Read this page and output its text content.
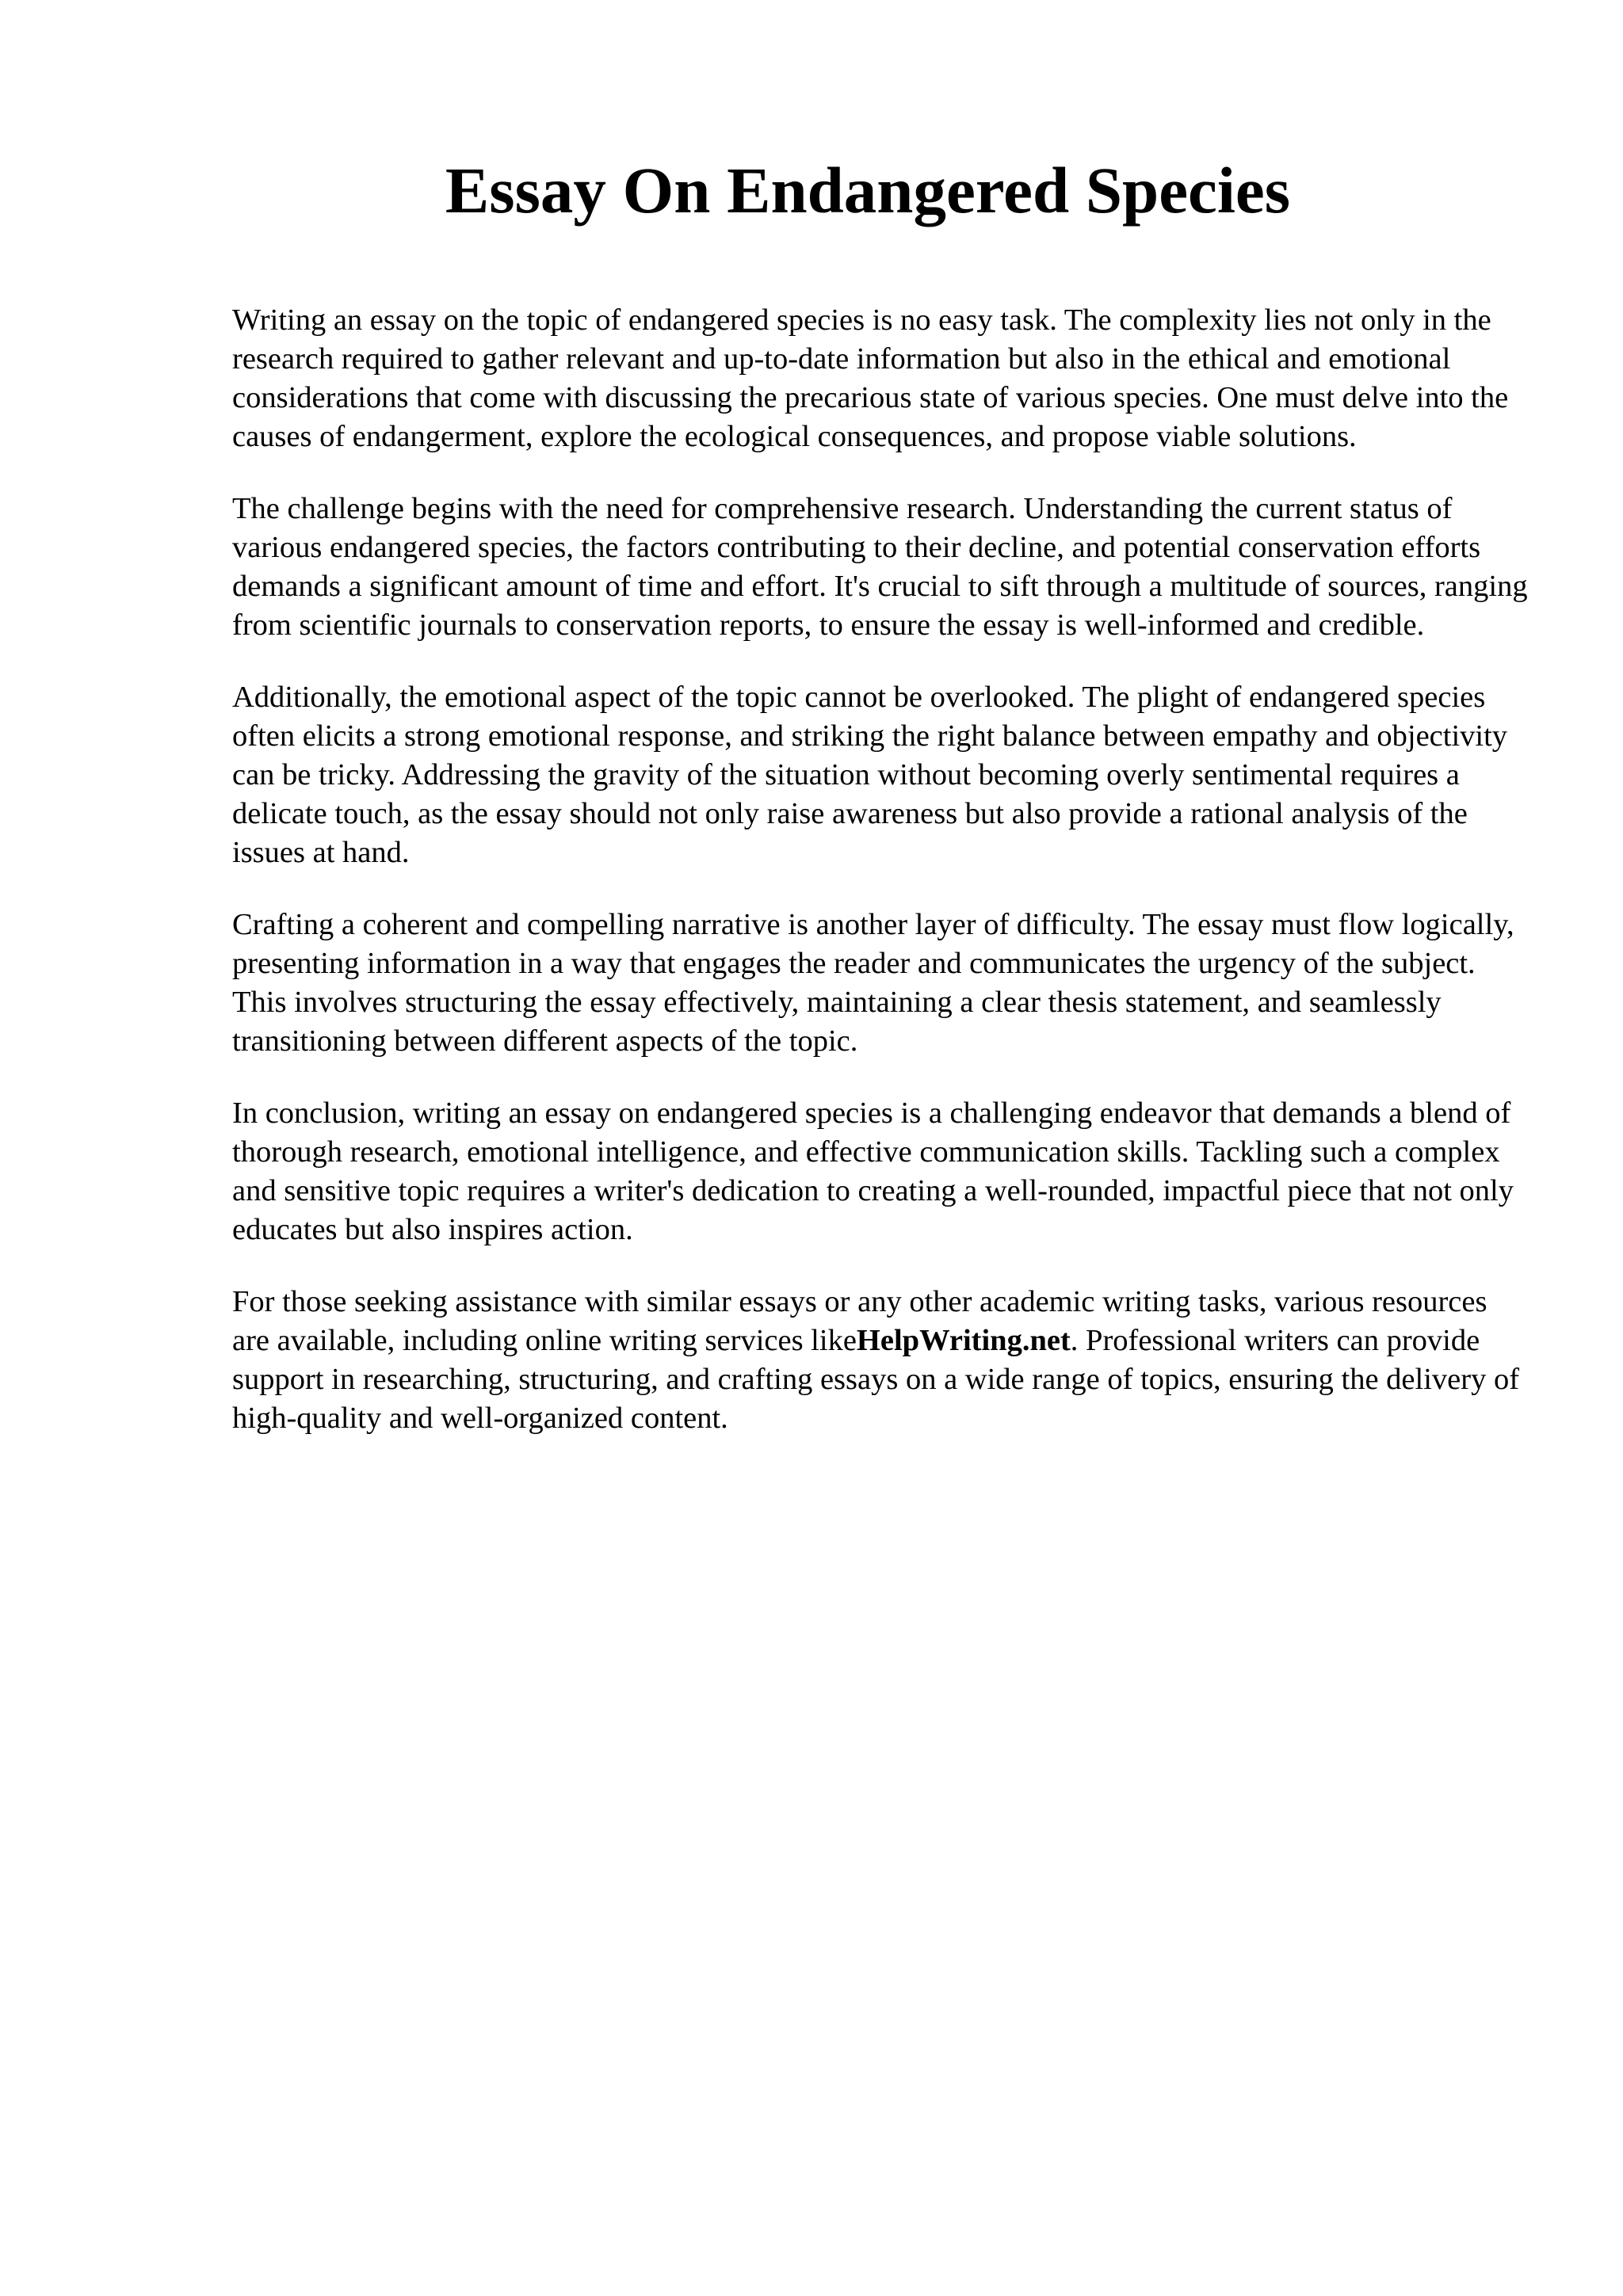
Essay On Endangered Species

Writing an essay on the topic of endangered species is no easy task. The complexity lies not only in the research required to gather relevant and up-to-date information but also in the ethical and emotional considerations that come with discussing the precarious state of various species. One must delve into the causes of endangerment, explore the ecological consequences, and propose viable solutions.

The challenge begins with the need for comprehensive research. Understanding the current status of various endangered species, the factors contributing to their decline, and potential conservation efforts demands a significant amount of time and effort. It's crucial to sift through a multitude of sources, ranging from scientific journals to conservation reports, to ensure the essay is well-informed and credible.

Additionally, the emotional aspect of the topic cannot be overlooked. The plight of endangered species often elicits a strong emotional response, and striking the right balance between empathy and objectivity can be tricky. Addressing the gravity of the situation without becoming overly sentimental requires a delicate touch, as the essay should not only raise awareness but also provide a rational analysis of the issues at hand.

Crafting a coherent and compelling narrative is another layer of difficulty. The essay must flow logically, presenting information in a way that engages the reader and communicates the urgency of the subject. This involves structuring the essay effectively, maintaining a clear thesis statement, and seamlessly transitioning between different aspects of the topic.

In conclusion, writing an essay on endangered species is a challenging endeavor that demands a blend of thorough research, emotional intelligence, and effective communication skills. Tackling such a complex and sensitive topic requires a writer's dedication to creating a well-rounded, impactful piece that not only educates but also inspires action.

For those seeking assistance with similar essays or any other academic writing tasks, various resources are available, including online writing services likeHelpWriting.net. Professional writers can provide support in researching, structuring, and crafting essays on a wide range of topics, ensuring the delivery of high-quality and well-organized content.
